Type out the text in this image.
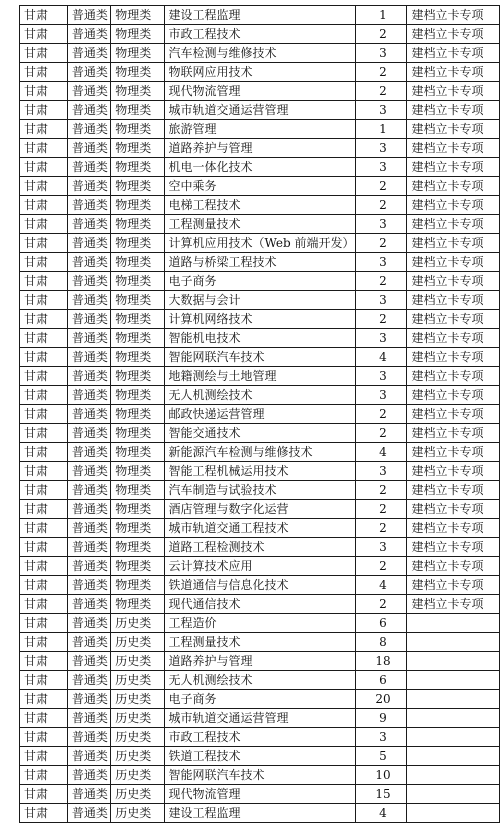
甘肃	普通类	物理类	建设工程监理	1	建档立卡专项
甘肃	普通类	物理类	市政工程技术	2	建档立卡专项
甘肃	普通类	物理类	汽车检测与维修技术	3	建档立卡专项
甘肃	普通类	物理类	物联网应用技术	2	建档立卡专项
甘肃	普通类	物理类	现代物流管理	2	建档立卡专项
甘肃	普通类	物理类	城市轨道交通运营管理	3	建档立卡专项
甘肃	普通类	物理类	旅游管理	1	建档立卡专项
甘肃	普通类	物理类	道路养护与管理	3	建档立卡专项
甘肃	普通类	物理类	机电一体化技术	3	建档立卡专项
甘肃	普通类	物理类	空中乘务	2	建档立卡专项
甘肃	普通类	物理类	电梯工程技术	2	建档立卡专项
甘肃	普通类	物理类	工程测量技术	3	建档立卡专项
甘肃	普通类	物理类	计算机应用技术（Web 前端开发）	2	建档立卡专项
甘肃	普通类	物理类	道路与桥梁工程技术	3	建档立卡专项
甘肃	普通类	物理类	电子商务	2	建档立卡专项
甘肃	普通类	物理类	大数据与会计	3	建档立卡专项
甘肃	普通类	物理类	计算机网络技术	2	建档立卡专项
甘肃	普通类	物理类	智能机电技术	3	建档立卡专项
甘肃	普通类	物理类	智能网联汽车技术	4	建档立卡专项
甘肃	普通类	物理类	地籍测绘与土地管理	3	建档立卡专项
甘肃	普通类	物理类	无人机测绘技术	3	建档立卡专项
甘肃	普通类	物理类	邮政快递运营管理	2	建档立卡专项
甘肃	普通类	物理类	智能交通技术	2	建档立卡专项
甘肃	普通类	物理类	新能源汽车检测与维修技术	4	建档立卡专项
甘肃	普通类	物理类	智能工程机械运用技术	3	建档立卡专项
甘肃	普通类	物理类	汽车制造与试验技术	2	建档立卡专项
甘肃	普通类	物理类	酒店管理与数字化运营	2	建档立卡专项
甘肃	普通类	物理类	城市轨道交通工程技术	2	建档立卡专项
甘肃	普通类	物理类	道路工程检测技术	3	建档立卡专项
甘肃	普通类	物理类	云计算技术应用	2	建档立卡专项
甘肃	普通类	物理类	铁道通信与信息化技术	4	建档立卡专项
甘肃	普通类	物理类	现代通信技术	2	建档立卡专项
甘肃	普通类	历史类	工程造价	6	
甘肃	普通类	历史类	工程测量技术	8	
甘肃	普通类	历史类	道路养护与管理	18	
甘肃	普通类	历史类	无人机测绘技术	6	
甘肃	普通类	历史类	电子商务	20	
甘肃	普通类	历史类	城市轨道交通运营管理	9	
甘肃	普通类	历史类	市政工程技术	3	
甘肃	普通类	历史类	铁道工程技术	5	
甘肃	普通类	历史类	智能网联汽车技术	10	
甘肃	普通类	历史类	现代物流管理	15	
甘肃	普通类	历史类	建设工程监理	4	
